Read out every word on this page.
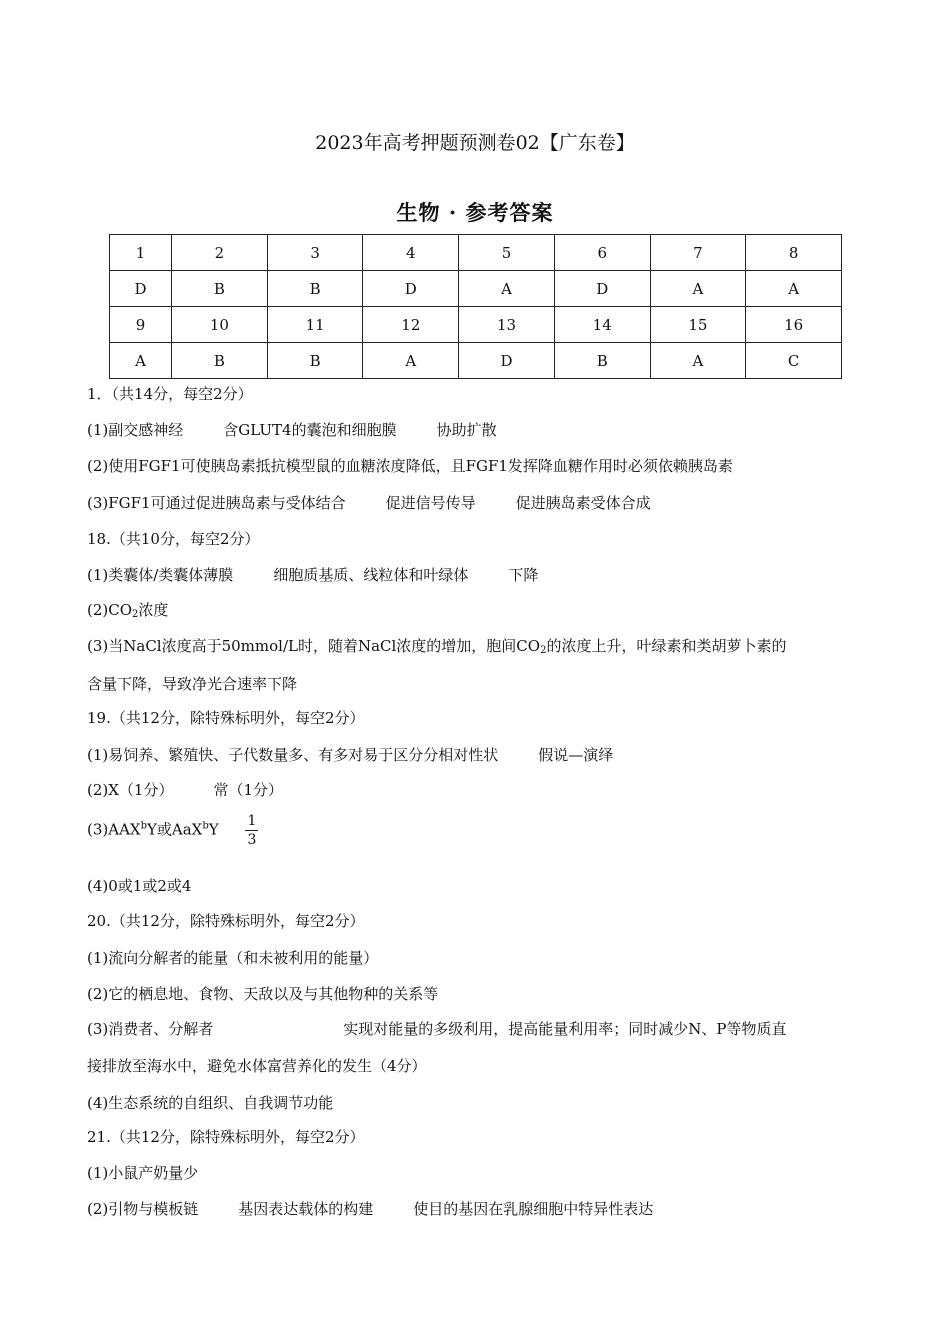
2023年高考押题预测卷02【广东卷】
生物 · 参考答案
1	2	3	4	5	6	7	8
D	B	B	D	A	D	A	A
9	10	11	12	13	14	15	16
A	B	B	A	D	B	A	C
1．（共14分，每空2分）
(1)副交感神经	含GLUT4的囊泡和细胞膜	协助扩散
(2)使用FGF1可使胰岛素抵抗模型鼠的血糖浓度降低，且FGF1发挥降血糖作用时必须依赖胰岛素
(3)FGF1可通过促进胰岛素与受体结合	促进信号传导	促进胰岛素受体合成
18.（共10分，每空2分）
(1)类囊体/类囊体薄膜	细胞质基质、线粒体和叶绿体	下降
$(2)CO_2$浓度
(3)当NaCl浓度高于50mmol/L时，随着NaCl浓度的增加，胞间$CO_2$的浓度上升，叶绿素和类胡萝卜素的
含量下降，导致净光合速率下降
19.（共12分，除特殊标明外，每空2分）
(1)易饲养、繁殖快、子代数量多、有多对易于区分分相对性状	假说—演绎
(2)X（1分）	常（1分）
(3)AAX$^b$Y或$AaX^bY \frac{1}{3}$
(4)0或1或2或4
20.（共12分，除特殊标明外，每空2分）
(1)流向分解者的能量（和未被利用的能量）
(2)它的栖息地、食物、天敌以及与其他物种的关系等
(3)消费者、分解者	实现对能量的多级利用，提高能量利用率；同时减少N、P等物质直
接排放至海水中，避免水体富营养化的发生（4分）
(4)生态系统的自组织、自我调节功能
21.（共12分，除特殊标明外，每空2分）
(1)小鼠产奶量少
(2)引物与模板链	基因表达载体的构建	使目的基因在乳腺细胞中特异性表达
